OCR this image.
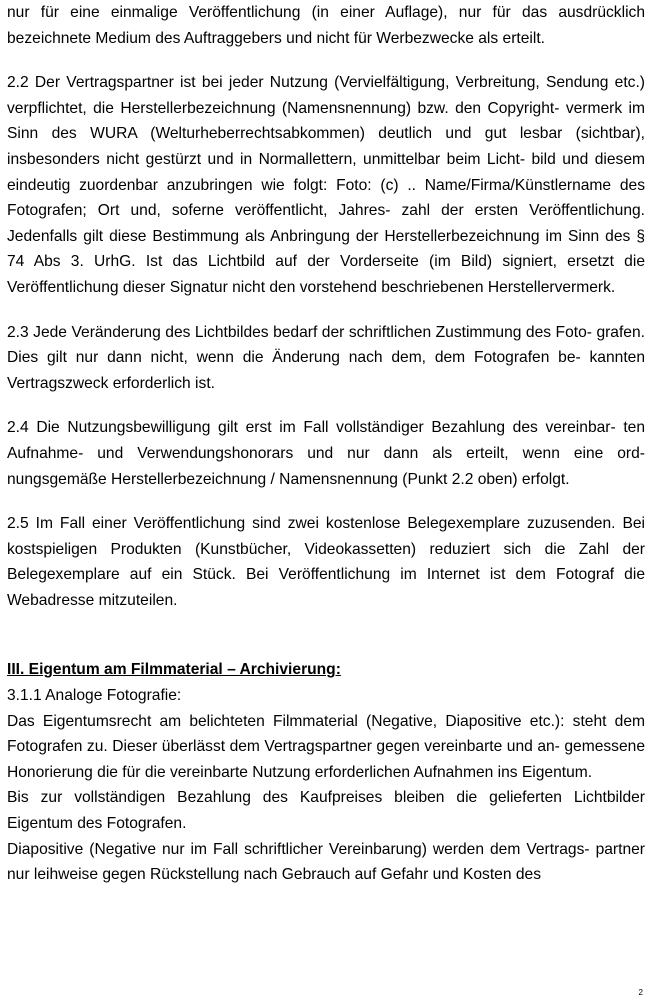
nur für eine einmalige Veröffentlichung (in einer Auflage), nur für das ausdrücklich bezeichnete Medium des Auftraggebers und nicht für Werbezwecke als erteilt.

2.2 Der Vertragspartner ist bei jeder Nutzung (Vervielfältigung, Verbreitung, Sendung etc.) verpflichtet, die Herstellerbezeichnung (Namensnennung) bzw. den Copyright- vermerk im Sinn des WURA (Welturheberrechtsabkommen) deutlich und gut lesbar (sichtbar), insbesonders nicht gestürzt und in Normallettern, unmittelbar beim Licht- bild und diesem eindeutig zuordenbar anzubringen wie folgt: Foto: (c) .. Name/Firma/Künstlername des Fotografen; Ort und, soferne veröffentlicht, Jahres- zahl der ersten Veröffentlichung. Jedenfalls gilt diese Bestimmung als Anbringung der Herstellerbezeichnung im Sinn des § 74 Abs 3. UrhG. Ist das Lichtbild auf der Vorderseite (im Bild) signiert, ersetzt die Veröffentlichung dieser Signatur nicht den vorstehend beschriebenen Herstellervermerk.

2.3 Jede Veränderung des Lichtbildes bedarf der schriftlichen Zustimmung des Foto- grafen. Dies gilt nur dann nicht, wenn die Änderung nach dem, dem Fotografen be- kannten Vertragszweck erforderlich ist.

2.4 Die Nutzungsbewilligung gilt erst im Fall vollständiger Bezahlung des vereinbar- ten Aufnahme- und Verwendungshonorars und nur dann als erteilt, wenn eine ord- nungsgemäße Herstellerbezeichnung / Namensnennung (Punkt 2.2 oben) erfolgt.

2.5 Im Fall einer Veröffentlichung sind zwei kostenlose Belegexemplare zuzusenden. Bei kostspieligen Produkten (Kunstbücher, Videokassetten) reduziert sich die Zahl der Belegexemplare auf ein Stück. Bei Veröffentlichung im Internet ist dem Fotograf die Webadresse mitzuteilen.

III. Eigentum am Filmmaterial – Archivierung:

3.1.1 Analoge Fotografie:

Das Eigentumsrecht am belichteten Filmmaterial (Negative, Diapositive etc.): steht dem Fotografen zu. Dieser überlässt dem Vertragspartner gegen vereinbarte und an- gemessene Honorierung die für die vereinbarte Nutzung erforderlichen Aufnahmen ins Eigentum.

Bis zur vollständigen Bezahlung des Kaufpreises bleiben die gelieferten Lichtbilder Eigentum des Fotografen.

Diapositive (Negative nur im Fall schriftlicher Vereinbarung) werden dem Vertrags- partner nur leihweise gegen Rückstellung nach Gebrauch auf Gefahr und Kosten des

2
